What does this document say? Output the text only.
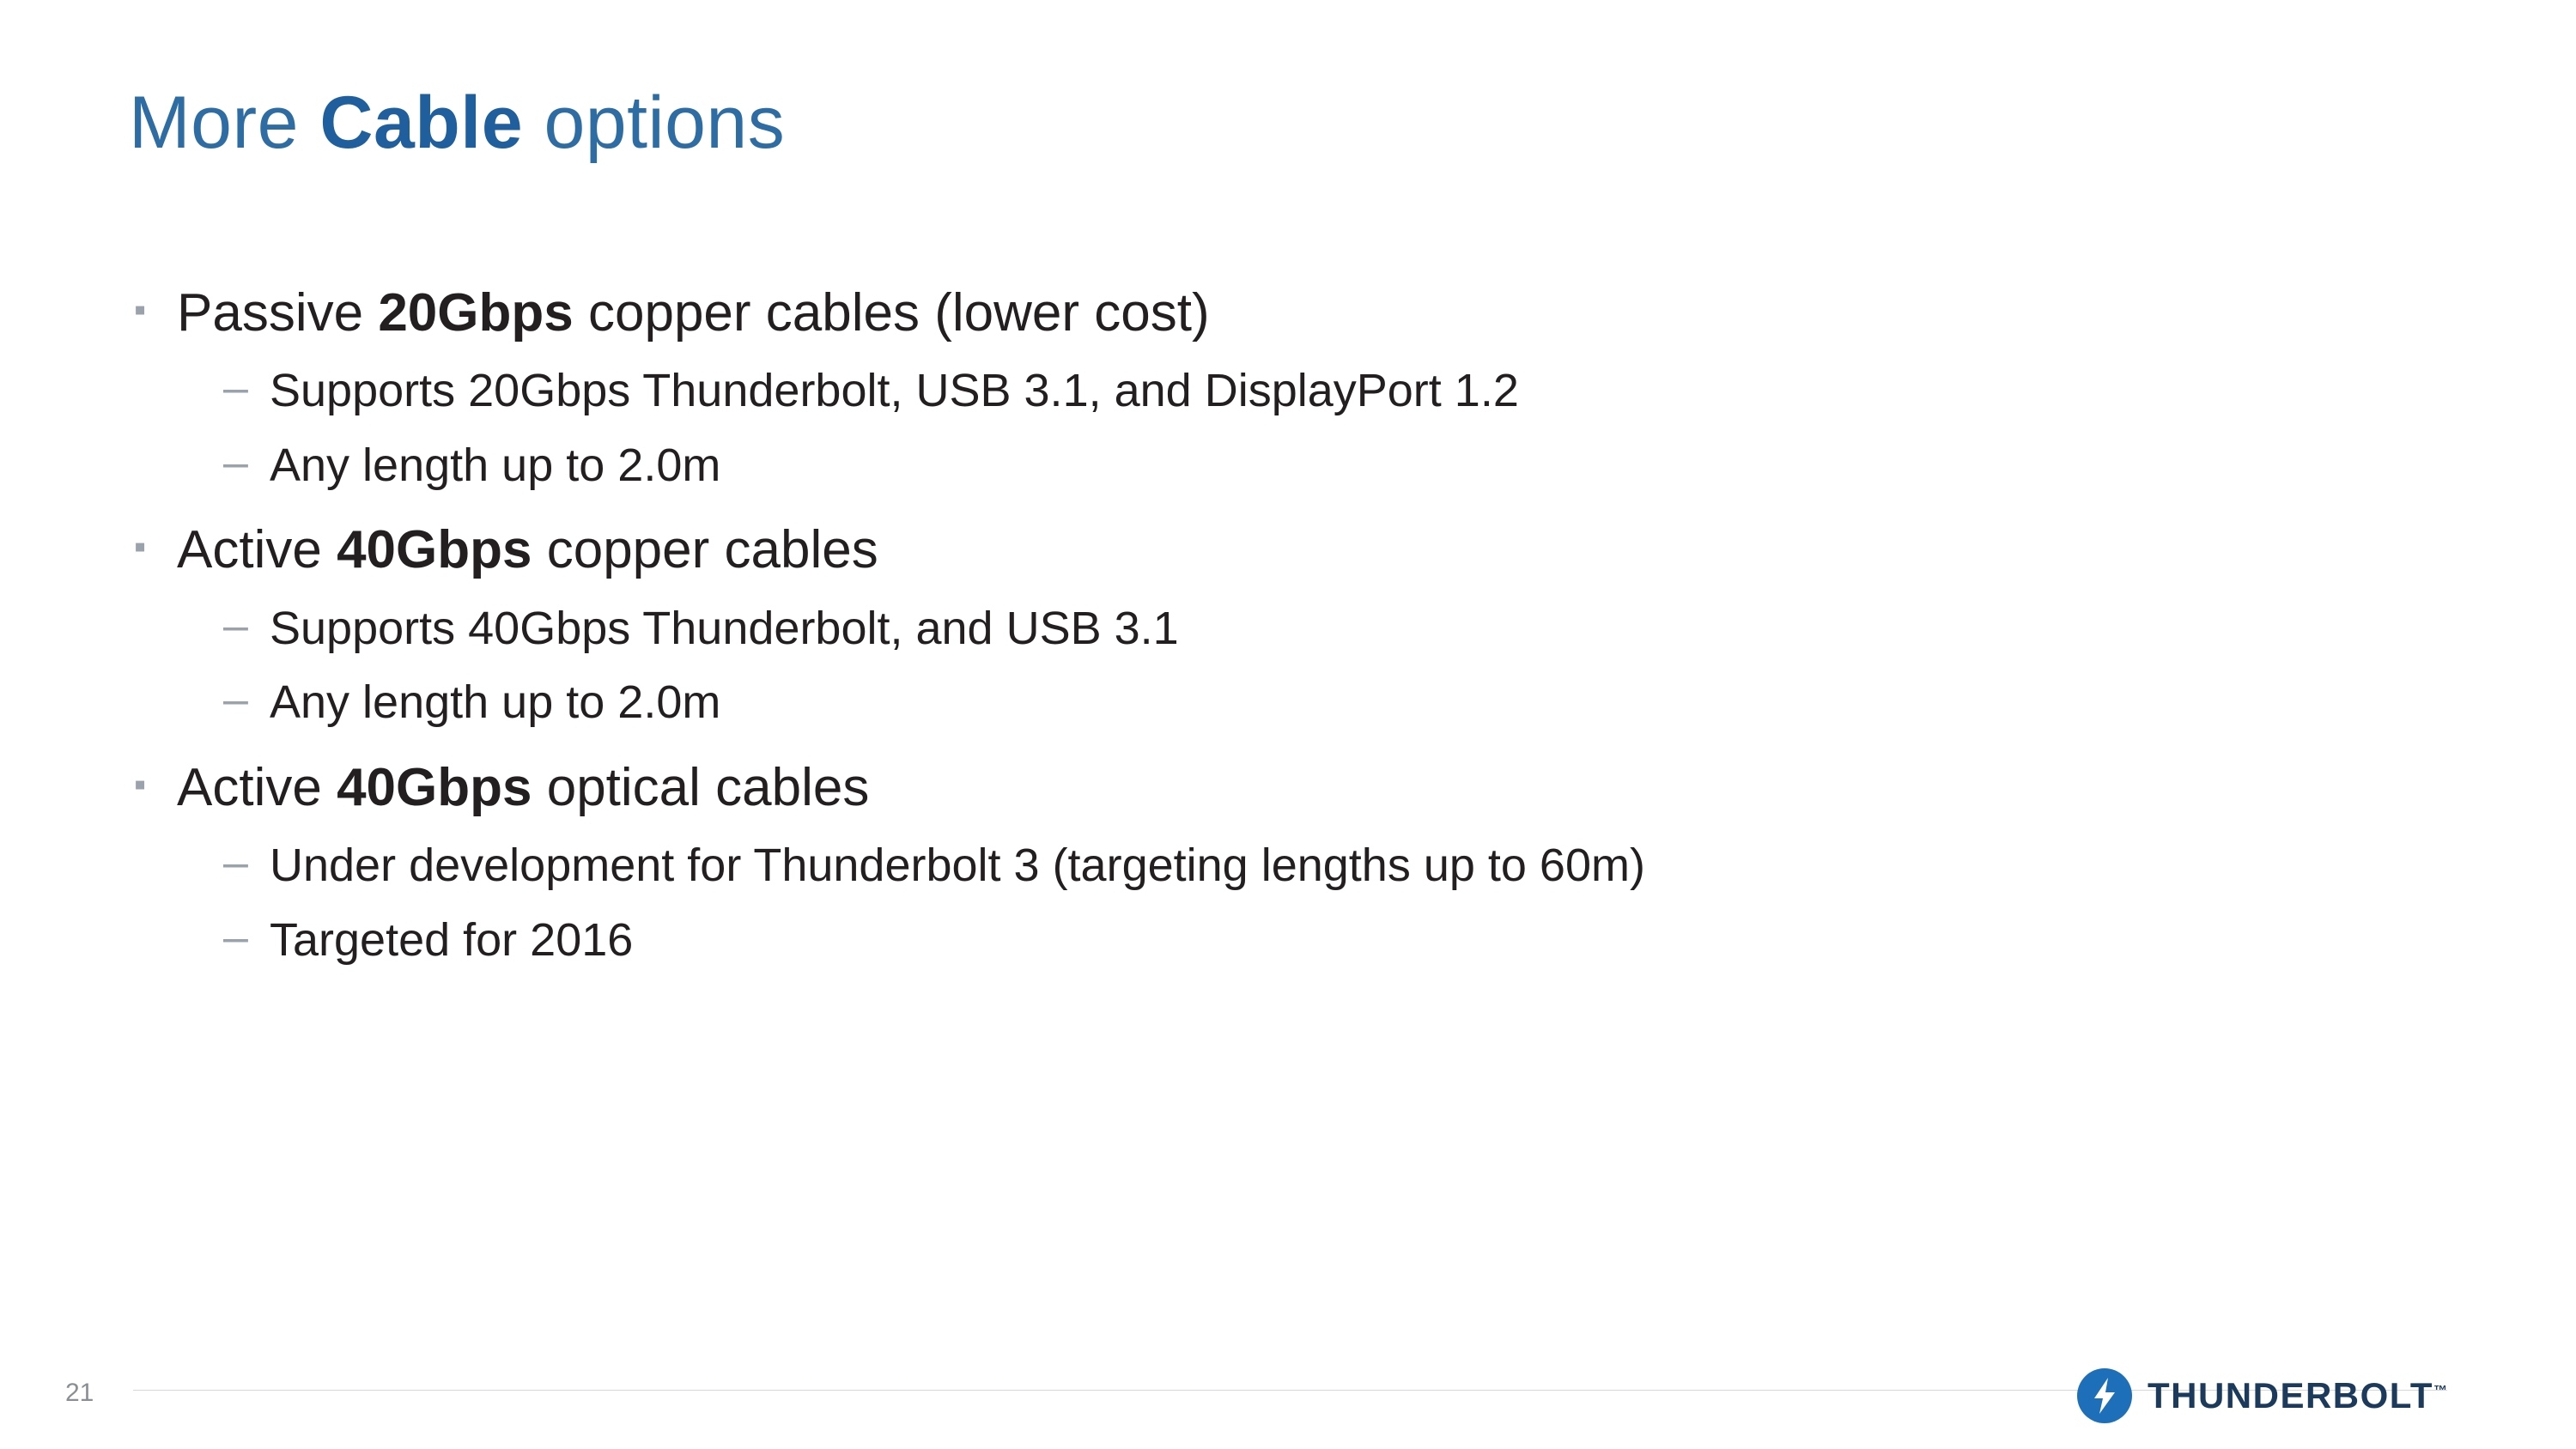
More Cable options
▪ Passive 20Gbps copper cables (lower cost)
– Supports 20Gbps Thunderbolt, USB 3.1, and DisplayPort 1.2
– Any length up to 2.0m
▪ Active 40Gbps copper cables
– Supports 40Gbps Thunderbolt, and USB 3.1
– Any length up to 2.0m
▪ Active 40Gbps optical cables
– Under development for Thunderbolt 3 (targeting lengths up to 60m)
– Targeted for 2016
21	THUNDERBOLT™
